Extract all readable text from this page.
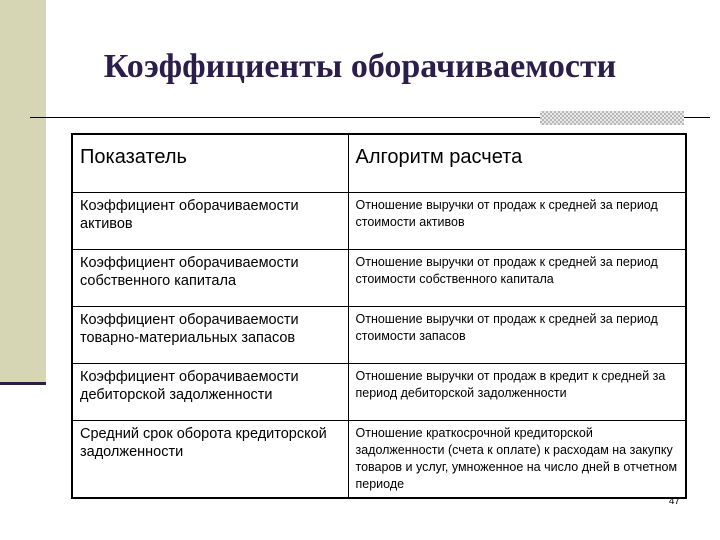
Коэффициенты оборачиваемости
Показатель	Алгоритм расчета
Коэффициент оборачиваемости активов	Отношение выручки от продаж к средней за период стоимости активов
Коэффициент оборачиваемости собственного капитала	Отношение выручки от продаж к средней за период стоимости собственного капитала
Коэффициент оборачиваемости товарно-материальных запасов	Отношение выручки от продаж к средней за период стоимости запасов
Коэффициент оборачиваемости дебиторской задолженности	Отношение выручки от продаж в кредит к средней за период дебиторской задолженности
Средний срок оборота кредиторской задолженности	Отношение краткосрочной кредиторской задолженности (счета к оплате) к расходам на закупку товаров и услуг, умноженное на число дней в отчетном периоде
47
